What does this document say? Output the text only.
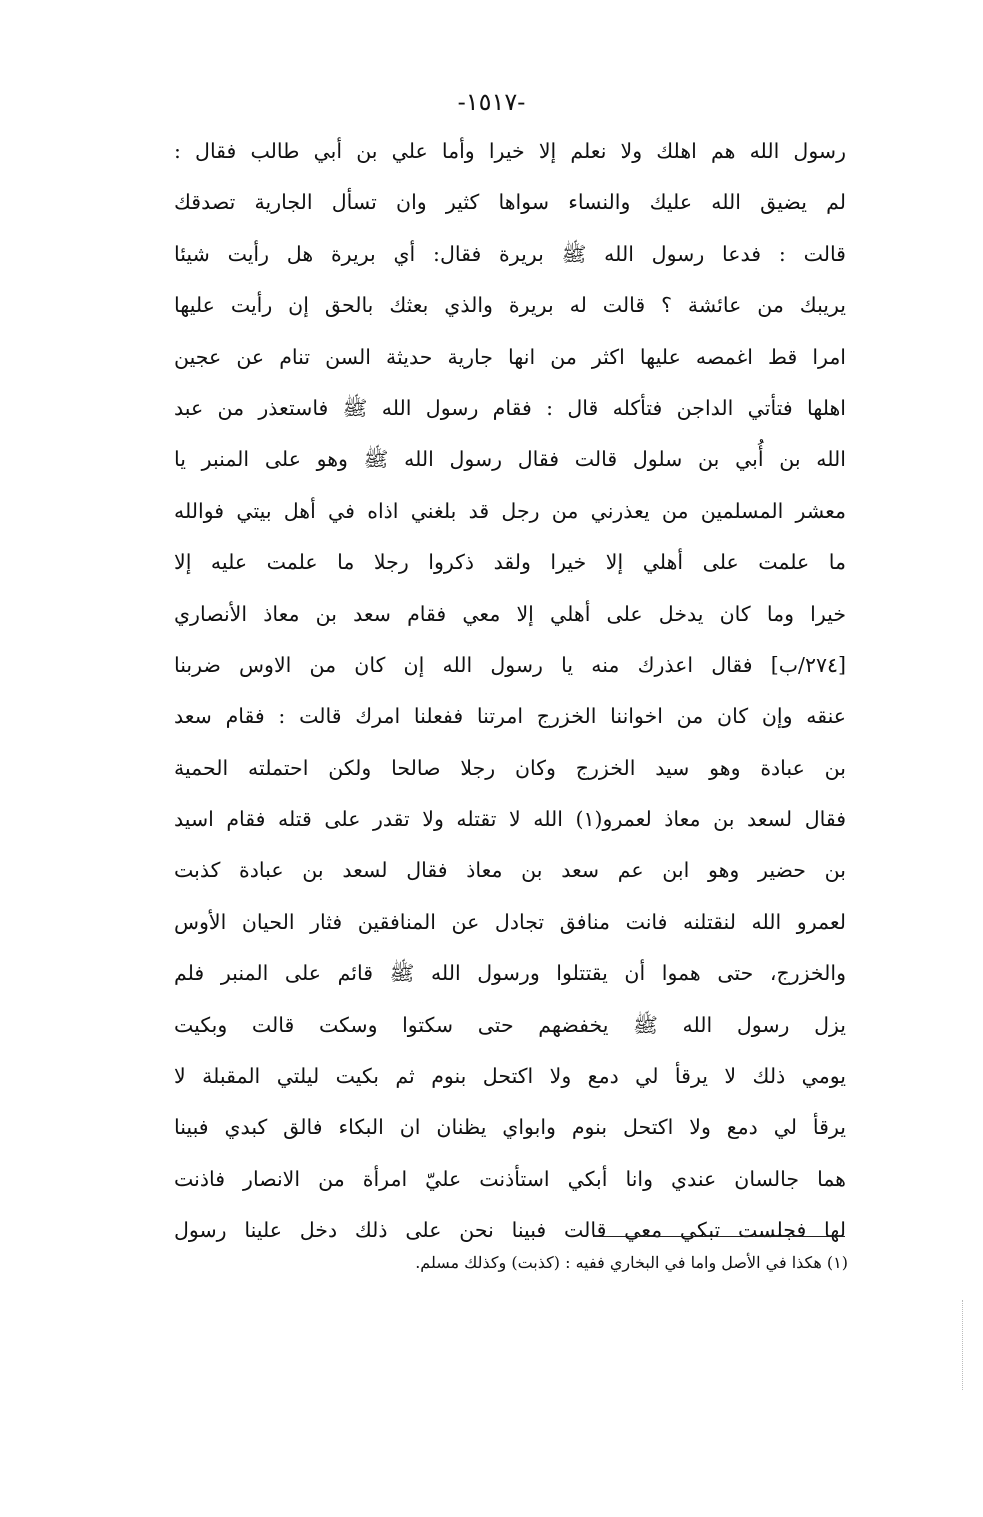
-١٥١٧-
رسول الله هم اهلك ولا نعلم إلا خيرا وأما علي بن أبي طالب فقال :
لم يضيق الله عليك والنساء سواها كثير وان تسأل الجارية تصدقك
قالت : فدعا رسول الله ﷺ بريرة فقال: أي بريرة هل رأيت شيئا
يريبك من عائشة ؟ قالت له بريرة والذي بعثك بالحق إن رأيت عليها
امرا قط اغمصه عليها اكثر من انها جارية حديثة السن تنام عن عجين
اهلها فتأتي الداجن فتأكله قال : فقام رسول الله ﷺ فاستعذر من عبد
الله بن أُبي بن سلول قالت فقال رسول الله ﷺ وهو على المنبر يا
معشر المسلمين من يعذرني من رجل قد بلغني اذاه في أهل بيتي فوالله
ما علمت على أهلي إلا خيرا ولقد ذكروا رجلا ما علمت عليه إلا
خيرا وما كان يدخل على أهلي إلا معي فقام سعد بن معاذ الأنصاري
[٢٧٤/ب] فقال اعذرك منه يا رسول الله إن كان من الاوس ضربنا
عنقه وإن كان من اخواننا الخزرج امرتنا ففعلنا امرك قالت : فقام سعد
بن عبادة وهو سيد الخزرج وكان رجلا صالحا ولكن احتملته الحمية
فقال لسعد بن معاذ لعمرو(١) الله لا تقتله ولا تقدر على قتله فقام اسيد
بن حضير وهو ابن عم سعد بن معاذ فقال لسعد بن عبادة كذبت
لعمرو الله لنقتلنه فانت منافق تجادل عن المنافقين فثار الحيان الأوس
والخزرج، حتى هموا أن يقتتلوا ورسول الله ﷺ قائم على المنبر فلم
يزل رسول الله ﷺ يخفضهم حتى سكتوا وسكت قالت وبكيت
يومي ذلك لا يرقأ لي دمع ولا اكتحل بنوم ثم بكيت ليلتي المقبلة لا
يرقأ لي دمع ولا اكتحل بنوم وابواي يظنان ان البكاء فالق كبدي فبينا
هما جالسان عندي وانا أبكي استأذنت عليّ امرأة من الانصار فاذنت
لها فجلست تبكي معي قالت فبينا نحن على ذلك دخل علينا رسول
(١) هكذا في الأصل واما في البخاري ففيه : (كذبت) وكذلك مسلم.
